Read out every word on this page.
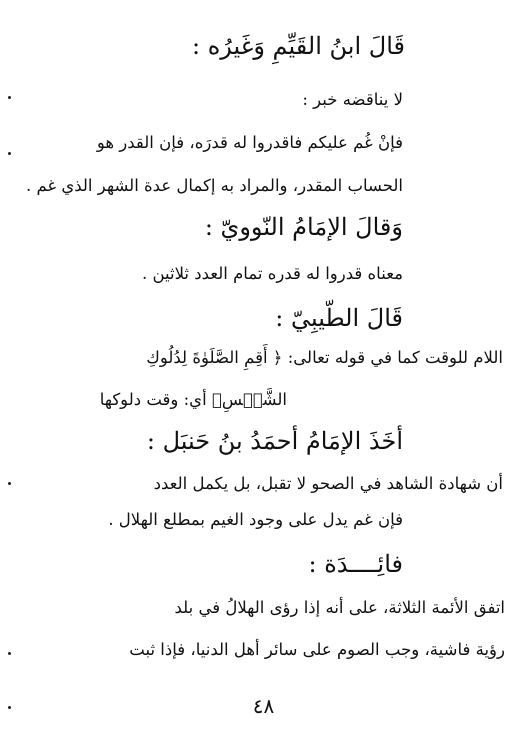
قَالَ ابنُ القَيِّمِ وَغَيرُه :
لا يناقضه خبر :
فإنْ غُم عليكم فاقدروا له قدرَه، فإن القدر هو
الحساب المقدر، والمراد به إكمال عدة الشهر الذي غم .
وَقالَ الإمَامُ النّوويّ :
معناه قدروا له قدره تمام العدد ثلاثين .
قَالَ الطّيبِيّ :
اللام للوقت كما في قوله تعالى: ﴿ أَقِمِ الصَّلَوٰةَ لِدُلُوكِ
الشَّمۡسِ﴾ أي: وقت دلوكها
أخَذَ الإمَامُ أحمَدُ بنُ حَنبَل :
أن شهادة الشاهد في الصحو لا تقبل، بل يكمل العدد
فإن غم يدل على وجود الغيم بمطلع الهلال .
فائِــــدَة :
اتفق الأئمة الثلاثة، على أنه إذا رؤى الهلالُ في بلد
رؤية فاشية، وجب الصوم على سائر أهل الدنيا، فإذا ثبت
٤٨
